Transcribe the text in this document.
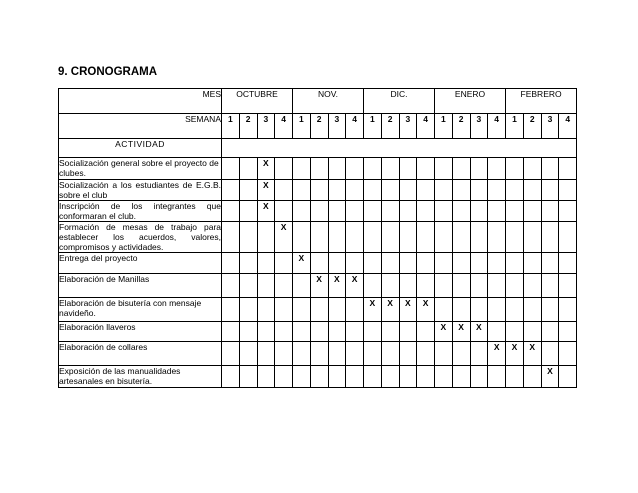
9. CRONOGRAMA
MES	OCTUBRE				NOV.				DIC.				ENERO				FEBRERO			
SEMANA	1	2	3	4	1	2	3	4	1	2	3	4	1	2	3	4	1	2	3	4
ACTIVIDAD																				
Socialización general sobre el proyecto de clubes.			X																	
Socialización a los estudiantes de E.G.B. sobre el club			X																	
Inscripción de los integrantes que conformaran el club.			X																	
Formación de mesas de trabajo para establecer los acuerdos, valores, compromisos y actividades.				X																
Entrega del proyecto					X															
Elaboración de Manillas						X	X	X												
Elaboración de bisutería con mensaje navideño.									X	X	X	X								
Elaboración llaveros													X	X	X					
Elaboración de collares																X	X	X		
Exposición de las manualidades artesanales en bisutería.																			X	
